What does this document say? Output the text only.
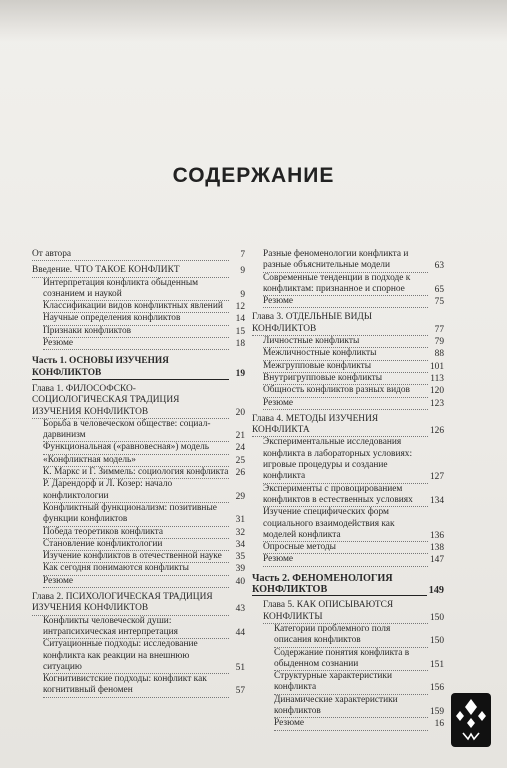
СОДЕРЖАНИЕ
От автора	7
Введение. ЧТО ТАКОЕ КОНФЛИКТ	9
Интерпретация конфликта обыденным сознанием и наукой	9
Классификации видов конфликтных явлений	12
Научные определения конфликтов	14
Признаки конфликтов	15
Резюме	18
Часть 1. ОСНОВЫ ИЗУЧЕНИЯ КОНФЛИКТОВ	19
Глава 1. ФИЛОСОФСКО-СОЦИОЛОГИЧЕСКАЯ ТРАДИЦИЯ ИЗУЧЕНИЯ КОНФЛИКТОВ	20
Борьба в человеческом обществе: социал-дарвинизм	21
Функциональная («равновесная») модель	24
«Конфликтная модель»	25
К. Маркс и Г. Зиммель: социология конфликта 26
Р. Дарендорф и Л. Козер: начало конфликтологии	29
Конфликтный функционализм: позитивные функции конфликтов	31
Победа теоретиков конфликта	32
Становление конфликтологии	34
Изучение конфликтов в отечественной науке	35
Как сегодня понимаются конфликты	39
Резюме	40
Глава 2. ПСИХОЛОГИЧЕСКАЯ ТРАДИЦИЯ ИЗУЧЕНИЯ КОНФЛИКТОВ	43
Конфликты человеческой души: интрапсихическая интерпретация	44
Ситуационные подходы: исследование конфликта как реакции на внешнюю ситуацию	51
Когнитивистские подходы: конфликт как когнитивный феномен	57
Разные феноменологии конфликта и разные объяснительные модели	63
Современные тенденции в подходе к конфликтам: признанное и спорное	65
Резюме	75
Глава 3. ОТДЕЛЬНЫЕ ВИДЫ КОНФЛИКТОВ	77
Личностные конфликты	79
Межличностные конфликты	88
Межгрупповые конфликты	101
Внутригрупповые конфликты	113
Общность конфликтов разных видов	120
Резюме	123
Глава 4. МЕТОДЫ ИЗУЧЕНИЯ КОНФЛИКТА	126
Экспериментальные исследования конфликта в лабораторных условиях: игровые процедуры и создание конфликта	127
Эксперименты с провоцированием конфликтов в естественных условиях	134
Изучение специфических форм социального взаимодействия как моделей конфликта	136
Опросные методы	138
Резюме	147
Часть 2. ФЕНОМЕНОЛОГИЯ КОНФЛИКТОВ	149
Глава 5. КАК ОПИСЫВАЮТСЯ КОНФЛИКТЫ	150
Категории проблемного поля описания конфликтов	150
Содержание понятия конфликта в обыденном сознании	151
Структурные характеристики конфликта	156
Динамические характеристики конфликтов	159
Резюме	16
